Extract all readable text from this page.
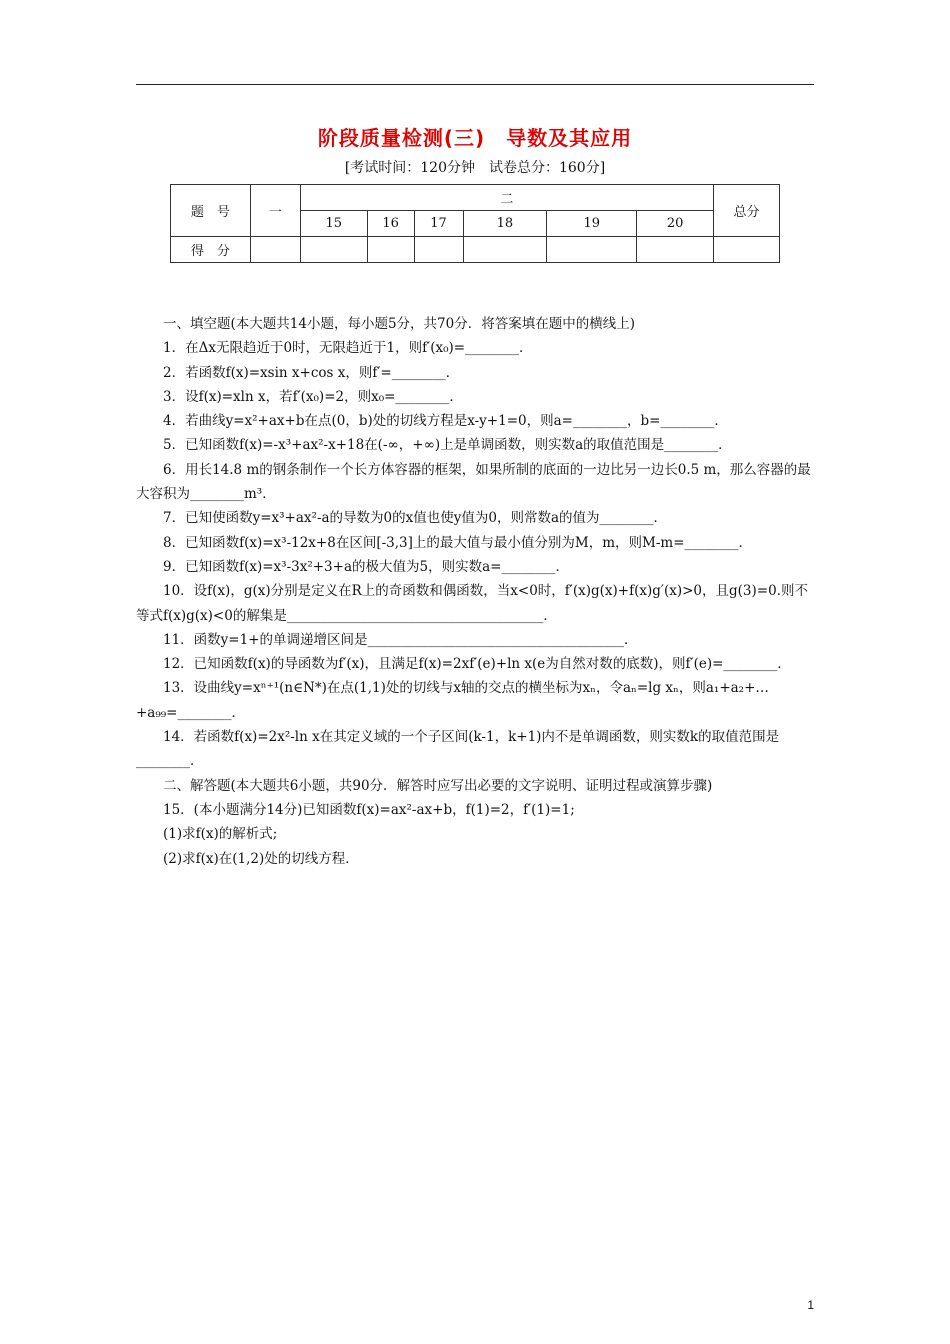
阶段质量检测(三)　导数及其应用
[考试时间：120分钟　试卷总分：160分]
题　号	一	二						总分
		15	16	17	18	19	20	
得　分								

一、填空题(本大题共14小题，每小题5分，共70分．将答案填在题中的横线上)

1．在Δx无限趋近于0时，无限趋近于1，则f′(x₀)=________．

2．若函数f(x)=xsin x+cos x，则f′=________．

3．设f(x)=xln x，若f′(x₀)=2，则x₀=________．

4．若曲线y=x²+ax+b在点(0，b)处的切线方程是x-y+1=0，则a=________，b=________．

5．已知函数f(x)=-x³+ax²-x+18在(-∞，+∞)上是单调函数，则实数a的取值范围是________．

6．用长14.8 m的钢条制作一个长方体容器的框架，如果所制的底面的一边比另一边长0.5 m，那么容器的最大容积为________m³．

7．已知使函数y=x³+ax²-a的导数为0的x值也使y值为0，则常数a的值为________．

8．已知函数f(x)=x³-12x+8在区间[-3,3]上的最大值与最小值分别为M，m，则M-m=________．

9．已知函数f(x)=x³-3x²+3+a的极大值为5，则实数a=________．

10．设f(x)，g(x)分别是定义在R上的奇函数和偶函数，当x<0时，f′(x)g(x)+f(x)g′(x)>0，且g(3)=0.则不等式f(x)g(x)<0的解集是______________________________________．

11．函数y=1+的单调递增区间是______________________________________．

12．已知函数f(x)的导函数为f′(x)，且满足f(x)=2xf′(e)+ln x(e为自然对数的底数)，则f′(e)=________．

13．设曲线y=xⁿ⁺¹(n∈N*)在点(1,1)处的切线与x轴的交点的横坐标为xₙ，令aₙ=lg xₙ，则a₁+a₂+…+a₉₉=________．

14．若函数f(x)=2x²-ln x在其定义域的一个子区间(k-1，k+1)内不是单调函数，则实数k的取值范围是________．

二、解答题(本大题共6小题，共90分．解答时应写出必要的文字说明、证明过程或演算步骤)

15．(本小题满分14分)已知函数f(x)=ax²-ax+b，f(1)=2，f′(1)=1;

(1)求f(x)的解析式;

(2)求f(x)在(1,2)处的切线方程．

1
